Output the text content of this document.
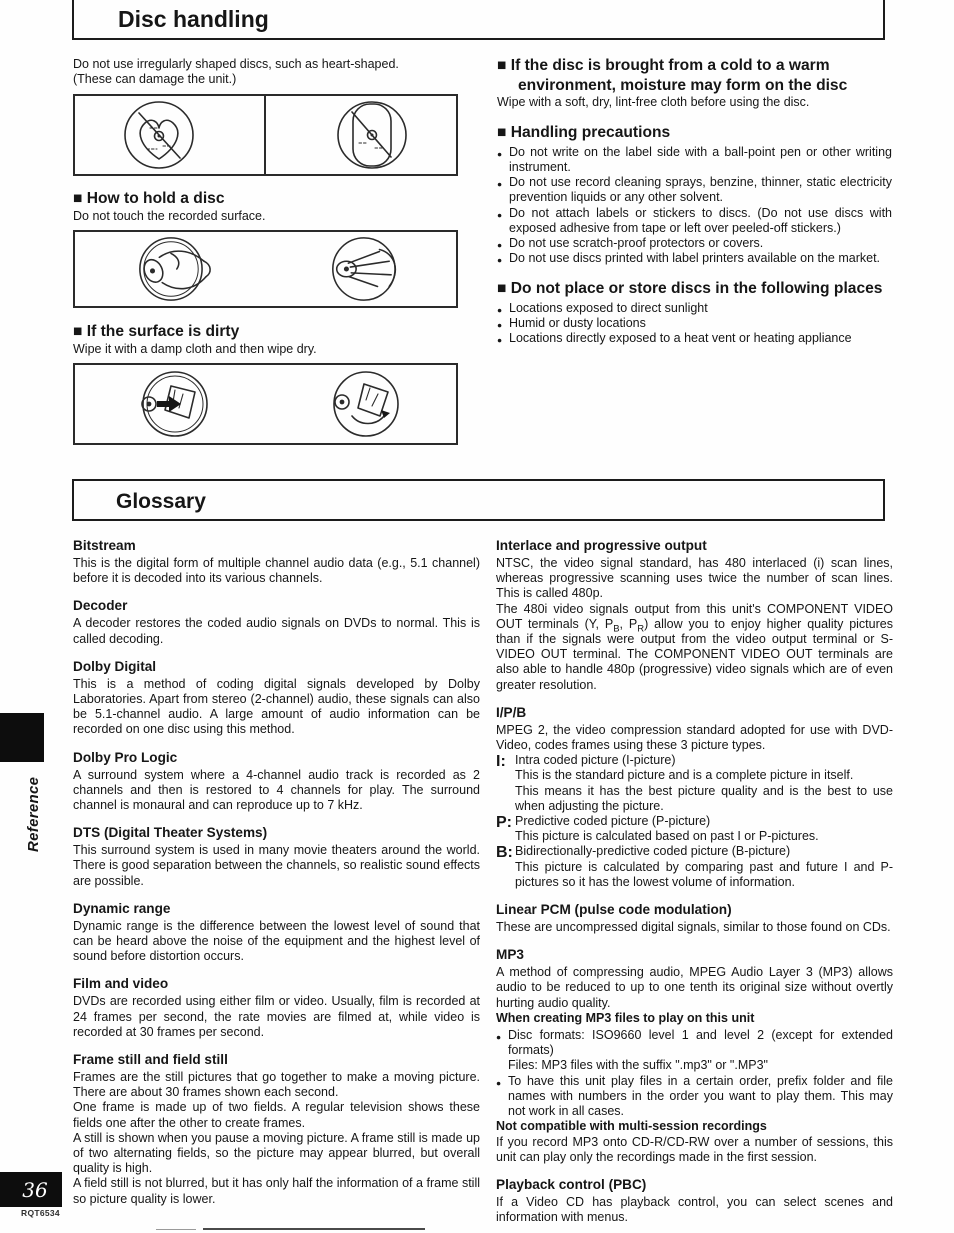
Disc handling
Do not use irregularly shaped discs, such as heart-shaped.
(These can damage the unit.)
■ How to hold a disc
Do not touch the recorded surface.
■ If the surface is dirty
Wipe it with a damp cloth and then wipe dry.
■ If the disc is brought from a cold to a warm environment, moisture may form on the disc

Wipe with a soft, dry, lint-free cloth before using the disc.

■ Handling precautions
● Do not write on the label side with a ball-point pen or other writing instrument.
● Do not use record cleaning sprays, benzine, thinner, static electricity prevention liquids or any other solvent.
● Do not attach labels or stickers to discs. (Do not use discs with exposed adhesive from tape or left over peeled-off stickers.)
● Do not use scratch-proof protectors or covers.
● Do not use discs printed with label printers available on the market.
■ Do not place or store discs in the following places
● Locations exposed to direct sunlight
● Humid or dusty locations
● Locations directly exposed to a heat vent or heating appliance
Glossary
Bitstream

This is the digital form of multiple channel audio data (e.g., 5.1 channel) before it is decoded into its various channels.

Decoder

A decoder restores the coded audio signals on DVDs to normal. This is called decoding.

Dolby Digital

This is a method of coding digital signals developed by Dolby Laboratories. Apart from stereo (2-channel) audio, these signals can also be 5.1-channel audio. A large amount of audio information can be recorded on one disc using this method.

Dolby Pro Logic

A surround system where a 4-channel audio track is recorded as 2 channels and then is restored to 4 channels for play. The surround channel is monaural and can reproduce up to 7 kHz.

DTS (Digital Theater Systems)

This surround system is used in many movie theaters around the world. There is good separation between the channels, so realistic sound effects are possible.

Dynamic range

Dynamic range is the difference between the lowest level of sound that can be heard above the noise of the equipment and the highest level of sound before distortion occurs.

Film and video

DVDs are recorded using either film or video. Usually, film is recorded at 24 frames per second, the rate movies are filmed at, while video is recorded at 30 frames per second.

Frame still and field still

Frames are the still pictures that go together to make a moving picture. There are about 30 frames shown each second.

One frame is made up of two fields. A regular television shows these fields one after the other to create frames.

A still is shown when you pause a moving picture. A frame still is made up of two alternating fields, so the picture may appear blurred, but overall quality is high.

A field still is not blurred, but it has only half the information of a frame still so picture quality is lower.

Interlace and progressive output

NTSC, the video signal standard, has 480 interlaced (i) scan lines, whereas progressive scanning uses twice the number of scan lines. This is called 480p.

The 480i video signals output from this unit's COMPONENT VIDEO OUT terminals (Y, $P_B$, $P_R$) allow you to enjoy higher quality pictures than if the signals were output from the video output terminal or S-VIDEO OUT terminal. The COMPONENT VIDEO OUT terminals are also able to handle 480p (progressive) video signals which are of even greater resolution.

I/P/B

MPEG 2, the video compression standard adopted for use with DVD-Video, codes frames using these 3 picture types.

I: Intra coded picture (I-picture)
This is the standard picture and is a complete picture in itself.
This means it has the best picture quality and is the best to use when adjusting the picture.
P: Predictive coded picture (P-picture)
This picture is calculated based on past I or P-pictures.
B: Bidirectionally-predictive coded picture (B-picture)
This picture is calculated by comparing past and future I and P-pictures so it has the lowest volume of information.
Linear PCM (pulse code modulation)

These are uncompressed digital signals, similar to those found on CDs.

MP3

A method of compressing audio, MPEG Audio Layer 3 (MP3) allows audio to be reduced to up to one tenth its original size without overtly hurting audio quality.

When creating MP3 files to play on this unit
● Disc formats: ISO9660 level 1 and level 2 (except for extended formats)
Files: MP3 files with the suffix ".mp3" or ".MP3"
● To have this unit play files in a certain order, prefix folder and file names with numbers in the order you want to play them. This may not work in all cases.
Not compatible with multi-session recordings

If you record MP3 onto CD-R/CD-RW over a number of sessions, this unit can play only the recordings made in the first session.

Playback control (PBC)

If a Video CD has playback control, you can select scenes and information with menus.

Reference
36
RQT6534
